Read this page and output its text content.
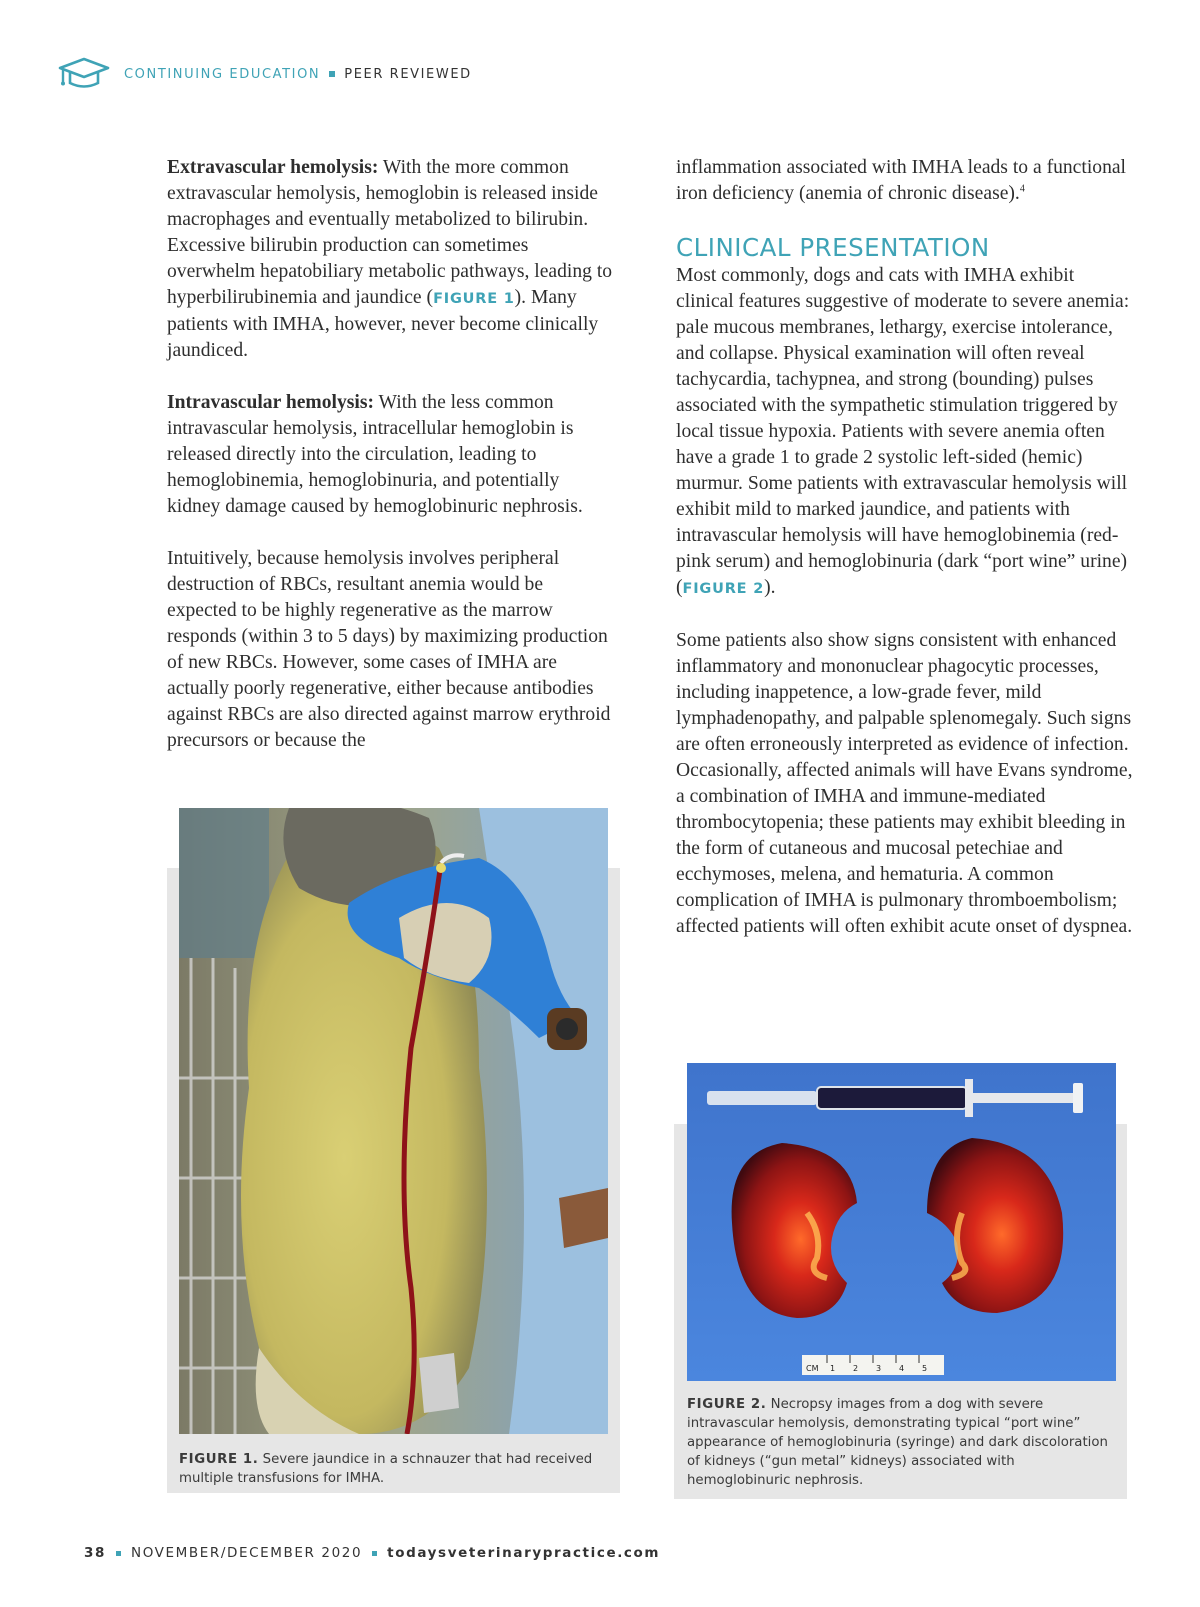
CONTINUING EDUCATION PEER REVIEWED

Extravascular hemolysis: With the more common extravascular hemolysis, hemoglobin is released inside macrophages and eventually metabolized to bilirubin. Excessive bilirubin production can sometimes overwhelm hepatobiliary metabolic pathways, leading to hyperbilirubinemia and jaundice (FIGURE 1). Many patients with IMHA, however, never become clinically jaundiced.

Intravascular hemolysis: With the less common intravascular hemolysis, intracellular hemoglobin is released directly into the circulation, leading to hemoglobinemia, hemoglobinuria, and potentially kidney damage caused by hemoglobinuric nephrosis.

Intuitively, because hemolysis involves peripheral destruction of RBCs, resultant anemia would be expected to be highly regenerative as the marrow responds (within 3 to 5 days) by maximizing production of new RBCs. However, some cases of IMHA are actually poorly regenerative, either because antibodies against RBCs are also directed against marrow erythroid precursors or because the

inflammation associated with IMHA leads to a functional iron deficiency (anemia of chronic disease).$^4$

CLINICAL PRESENTATION

Most commonly, dogs and cats with IMHA exhibit clinical features suggestive of moderate to severe anemia: pale mucous membranes, lethargy, exercise intolerance, and collapse. Physical examination will often reveal tachycardia, tachypnea, and strong (bounding) pulses associated with the sympathetic stimulation triggered by local tissue hypoxia. Patients with severe anemia often have a grade 1 to grade 2 systolic left-sided (hemic) murmur. Some patients with extravascular hemolysis will exhibit mild to marked jaundice, and patients with intravascular hemolysis will have hemoglobinemia (red-pink serum) and hemoglobinuria (dark “port wine” urine) (FIGURE 2).

Some patients also show signs consistent with enhanced inflammatory and mononuclear phagocytic processes, including inappetence, a low-grade fever, mild lymphadenopathy, and palpable splenomegaly. Such signs are often erroneously interpreted as evidence of infection. Occasionally, affected animals will have Evans syndrome, a combination of IMHA and immune-mediated thrombocytopenia; these patients may exhibit bleeding in the form of cutaneous and mucosal petechiae and ecchymoses, melena, and hematuria. A common complication of IMHA is pulmonary thromboembolism; affected patients will often exhibit acute onset of dyspnea.

FIGURE 1. Severe jaundice in a schnauzer that had received multiple transfusions for IMHA.
CM 1 2 3 4 5
FIGURE 2. Necropsy images from a dog with severe intravascular hemolysis, demonstrating typical “port wine” appearance of hemoglobinuria (syringe) and dark discoloration of kidneys (“gun metal” kidneys) associated with hemoglobinuric nephrosis.
38 NOVEMBER/DECEMBER 2020 todaysveterinarypractice.com
